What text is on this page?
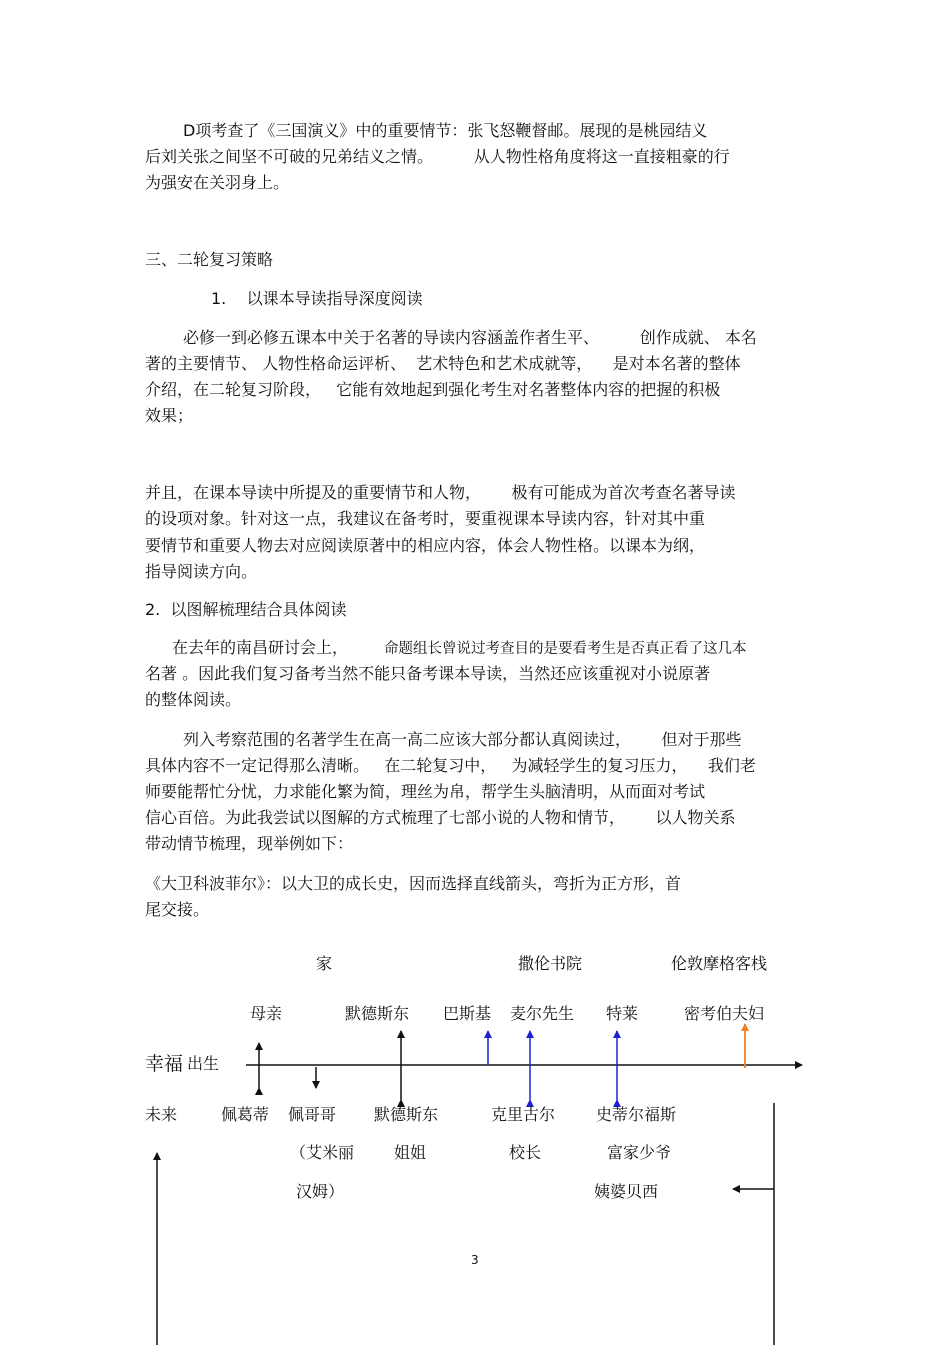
D项考查了《三国演义》中的重要情节：张飞怒鞭督邮。展现的是桃园结义
后刘关张之间坚不可破的兄弟结义之情。        从人物性格角度将这一直接粗豪的行
为强安在关羽身上。
三、二轮复习策略
1.    以课本导读指导深度阅读
必修一到必修五课本中关于名著的导读内容涵盖作者生平、        创作成就、 本名
著的主要情节、 人物性格命运评析、  艺术特色和艺术成就等，    是对本名著的整体
介绍，在二轮复习阶段，   它能有效地起到强化考生对名著整体内容的把握的积极
效果；
并且，在课本导读中所提及的重要情节和人物，      极有可能成为首次考查名著导读
的设项对象。针对这一点，我建议在备考时，要重视课本导读内容，针对其中重
要情节和重要人物去对应阅读原著中的相应内容，体会人物性格。以课本为纲，
指导阅读方向。
2.  以图解梳理结合具体阅读
在去年的南昌研讨会上， 命题组长曾说过考查目的是要看考生是否真正看了这几本
名著 。因此我们复习备考当然不能只备考课本导读，当然还应该重视对小说原著
的整体阅读。
列入考察范围的名著学生在高一高二应该大部分都认真阅读过，      但对于那些
具体内容不一定记得那么清晰。   在二轮复习中，   为减轻学生的复习压力，    我们老
师要能帮忙分忧，力求能化繁为简，理丝为帛，帮学生头脑清明，从而面对考试
信心百倍。为此我尝试以图解的方式梳理了七部小说的人物和情节，      以人物关系
带动情节梳理，现举例如下：
《大卫科波菲尔》：以大卫的成长史，因而选择直线箭头，弯折为正方形，首
尾交接。
家	撒伦书院	伦敦摩格客栈
母亲	默德斯东 巴斯基 麦尔先生 特莱	密考伯夫妇
幸福 出生
未来	佩葛蒂 佩哥哥 默德斯东	克里古尔	史蒂尔福斯
（艾米丽 姐姐	校长	富家少爷
汉姆）	姨婆贝西
3
